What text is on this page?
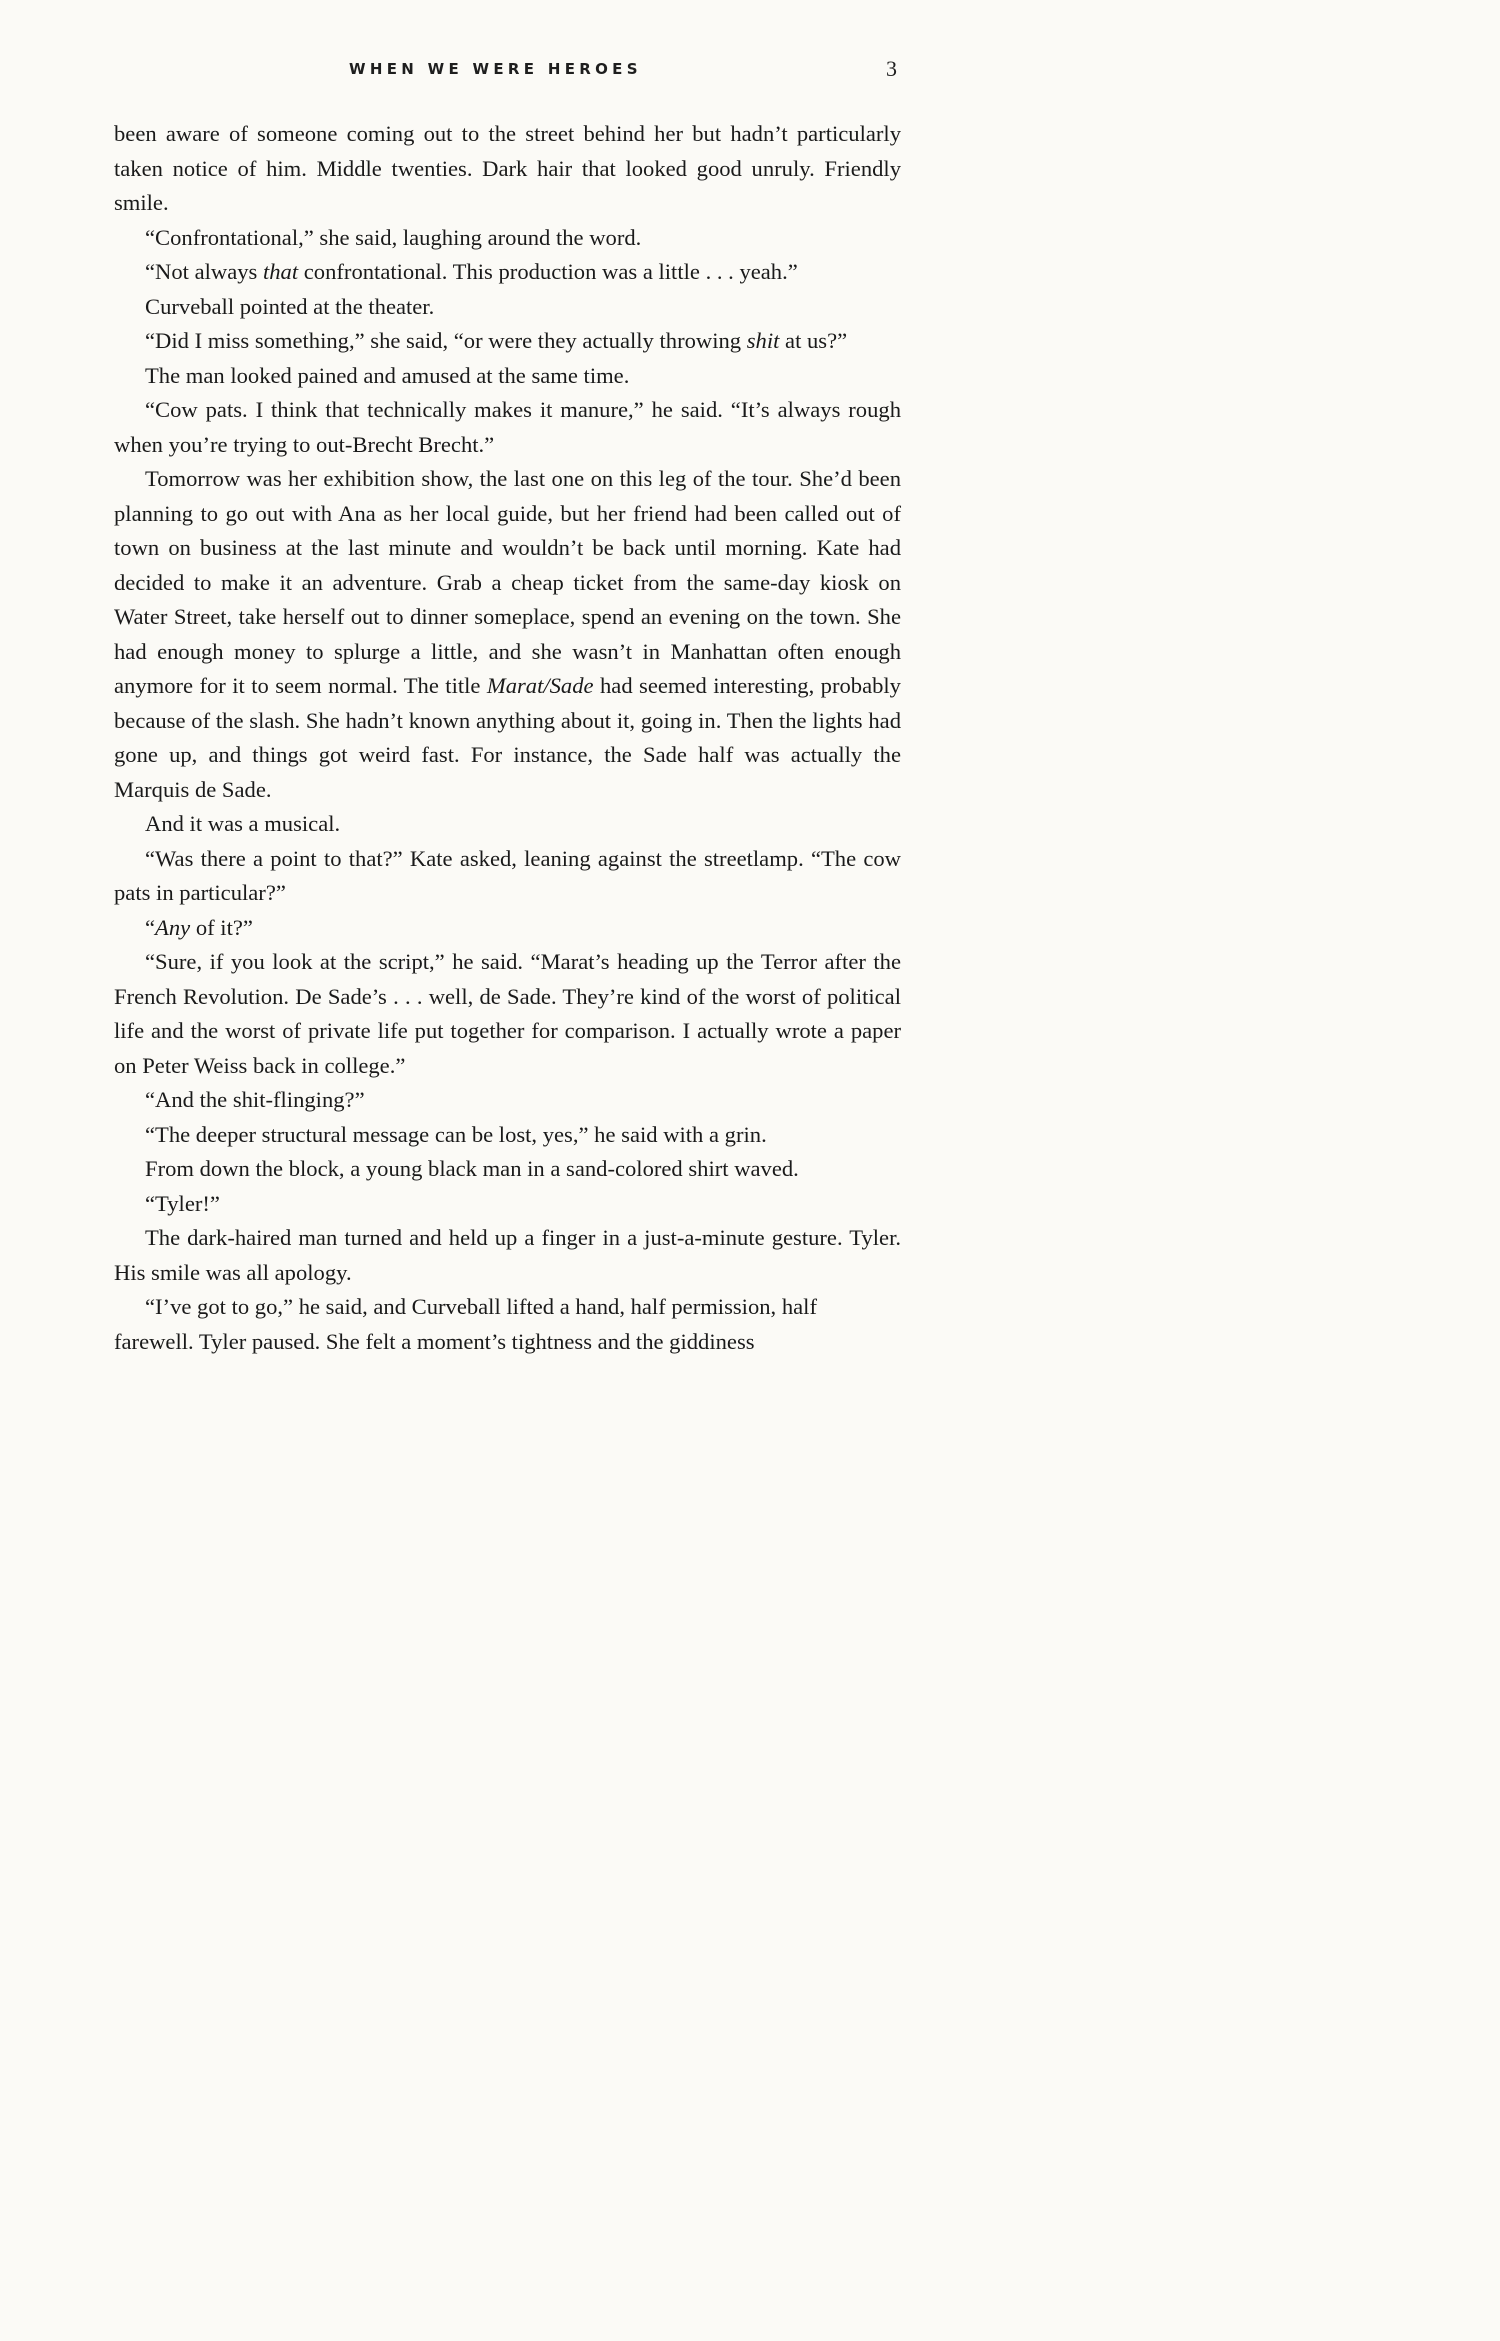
WHEN WE WERE HEROES	3

been aware of someone coming out to the street behind her but hadn’t particularly taken notice of him. Middle twenties. Dark hair that looked good unruly. Friendly smile.

“Confrontational,” she said, laughing around the word.

“Not always that confrontational. This production was a little . . . yeah.”

Curveball pointed at the theater.

“Did I miss something,” she said, “or were they actually throwing shit at us?”

The man looked pained and amused at the same time.

“Cow pats. I think that technically makes it manure,” he said. “It’s always rough when you’re trying to out-Brecht Brecht.”

Tomorrow was her exhibition show, the last one on this leg of the tour. She’d been planning to go out with Ana as her local guide, but her friend had been called out of town on business at the last minute and wouldn’t be back until morning. Kate had decided to make it an adventure. Grab a cheap ticket from the same-day kiosk on Water Street, take herself out to dinner someplace, spend an evening on the town. She had enough money to splurge a little, and she wasn’t in Manhattan often enough anymore for it to seem normal. The title Marat/Sade had seemed interesting, probably because of the slash. She hadn’t known anything about it, going in. Then the lights had gone up, and things got weird fast. For instance, the Sade half was actually the Marquis de Sade.

And it was a musical.

“Was there a point to that?” Kate asked, leaning against the streetlamp. “The cow pats in particular?”

“Any of it?”

“Sure, if you look at the script,” he said. “Marat’s heading up the Terror after the French Revolution. De Sade’s . . . well, de Sade. They’re kind of the worst of political life and the worst of private life put together for comparison. I actually wrote a paper on Peter Weiss back in college.”

“And the shit-flinging?”

“The deeper structural message can be lost, yes,” he said with a grin.

From down the block, a young black man in a sand-colored shirt waved.

“Tyler!”

The dark-haired man turned and held up a finger in a just-a-minute gesture. Tyler. His smile was all apology.

“I’ve got to go,” he said, and Curveball lifted a hand, half permission, half farewell. Tyler paused. She felt a moment’s tightness and the giddiness
